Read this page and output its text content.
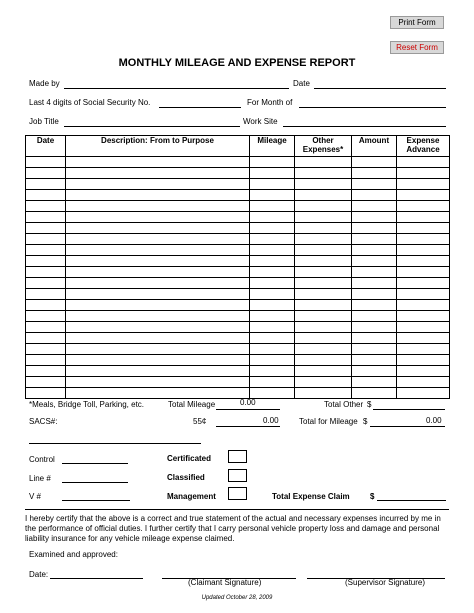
Print Form
Reset Form
MONTHLY MILEAGE AND EXPENSE REPORT
Made by	Date
Last 4 digits of Social Security No.	For Month of
Job Title	Work Site
Date	Description: From to Purpose	Mileage	Other Expenses*	Amount	Expense Advance

*Meals, Bridge Toll, Parking, etc.	Total Mileage	0.00	Total Other $
SACS#:	55¢	0.00	Total for Mileage $	0.00
Control	Certificated
Line #	Classified
V #	Management	Total Expense Claim	$
I hereby certify that the above is a correct and true statement of the actual and necessary expenses incurred by me in the performance of official duties. I further certify that I carry personal vehicle property loss and damage and personal liability insurance for any vehicle mileage expense claimed.
Examined and approved:
Date:
(Claimant Signature)	(Supervisor Signature)
Updated October 28, 2009
